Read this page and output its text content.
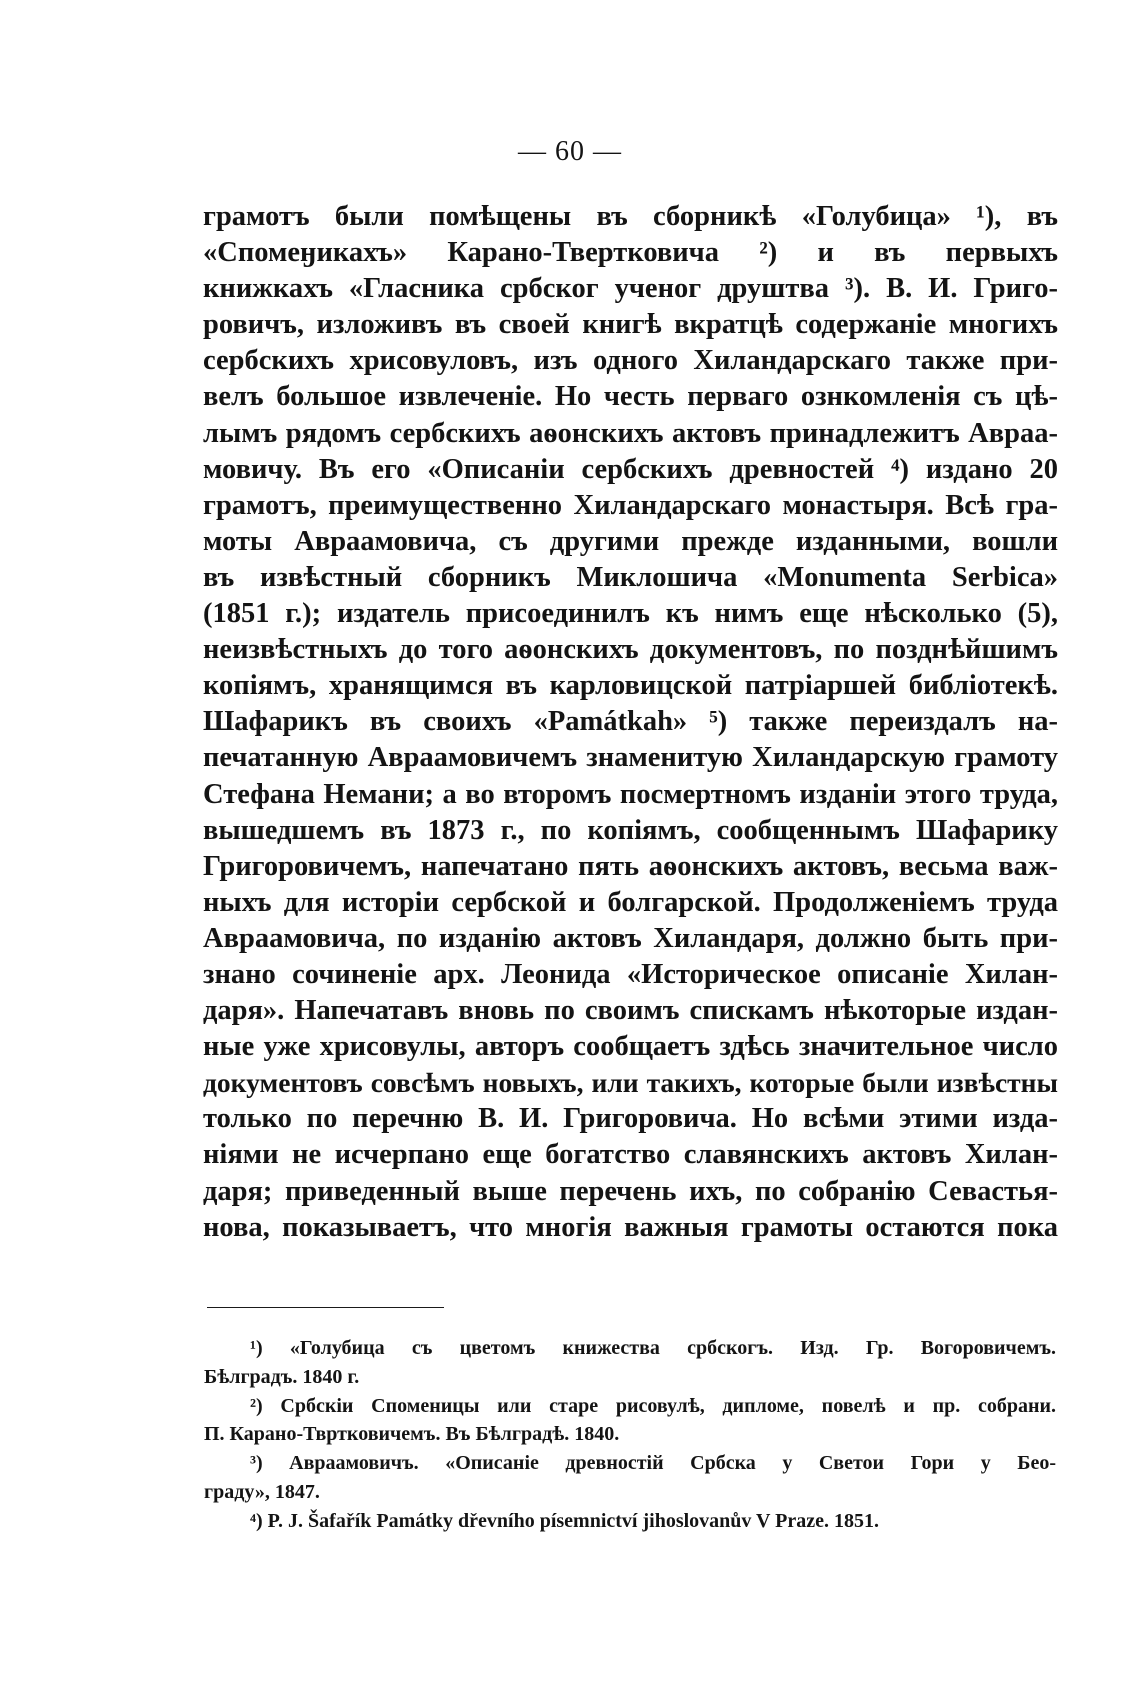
— 60 —
грамотъ были помѣщены въ сборникѣ «Голубица» ¹), въ
«Спомеӈикахъ» Карано-Твертковича ²) и въ первыхъ
книжкахъ «Гласника србског ученог друштва ³). В. И. Григо-
ровичъ, изложивъ въ своей книгѣ вкратцѣ содержаніе многихъ
сербскихъ хрисовуловъ, изъ одного Хиландарскаго также при-
велъ большое извлеченіе. Но честь перваго ознкомленія съ цѣ-
лымъ рядомъ сербскихъ аѳонскихъ актовъ принадлежитъ Авраа-
мовичу. Въ его «Описаніи сербскихъ древностей ⁴) издано 20
грамотъ, преимущественно Хиландарскаго монастыря. Всѣ гра-
моты Авраамовича, съ другими прежде изданными, вошли
въ извѣстный сборникъ Миклошича «Monumenta Serbica»
(1851 г.); издатель присоединилъ къ нимъ еще нѣсколько (5),
неизвѣстныхъ до того аѳонскихъ документовъ, по позднѣйшимъ
копіямъ, хранящимся въ карловицской патріаршей библіотекѣ.
Шафарикъ въ своихъ «Památkah» ⁵) также переиздалъ на-
печатанную Авраамовичемъ знаменитую Хиландарскую грамоту
Стефана Немани; а во второмъ посмертномъ изданіи этого труда,
вышедшемъ въ 1873 г., по копіямъ, сообщеннымъ Шафарику
Григоровичемъ, напечатано пять аѳонскихъ актовъ, весьма важ-
ныхъ для исторіи сербской и болгарской. Продолженіемъ труда
Авраамовича, по изданію актовъ Хиландаря, должно быть при-
знано сочиненіе арх. Леонида «Историческое описаніе Хилан-
даря». Напечатавъ вновь по своимъ спискамъ нѣкоторые издан-
ные уже хрисовулы, авторъ сообщаетъ здѣсь значительное число
документовъ совсѣмъ новыхъ, или такихъ, которые были извѣстны
только по перечню В. И. Григоровича. Но всѣми этими изда-
ніями не исчерпано еще богатство славянскихъ актовъ Хилан-
даря; приведенный выше перечень ихъ, по собранію Севастья-
нова, показываетъ, что многія важныя грамоты остаются пока
¹) «Голубица съ цветомъ книжества србскогъ. Изд. Гр. Вогоровичемъ.
Бѣлградъ. 1840 г.
²) Србскіи Споменицы или старе рисовулѣ, дипломе, повелѣ и пр. собрани.
П. Карано-Твртковичемъ. Въ Бѣлградѣ. 1840.
³) Авраамовичъ. «Описаніе древностій Србска у Светои Гори у Бео-
граду», 1847.
⁴) P. J. Šafařík Památky dřevního písemnictví jihoslovanův V Praze. 1851.
